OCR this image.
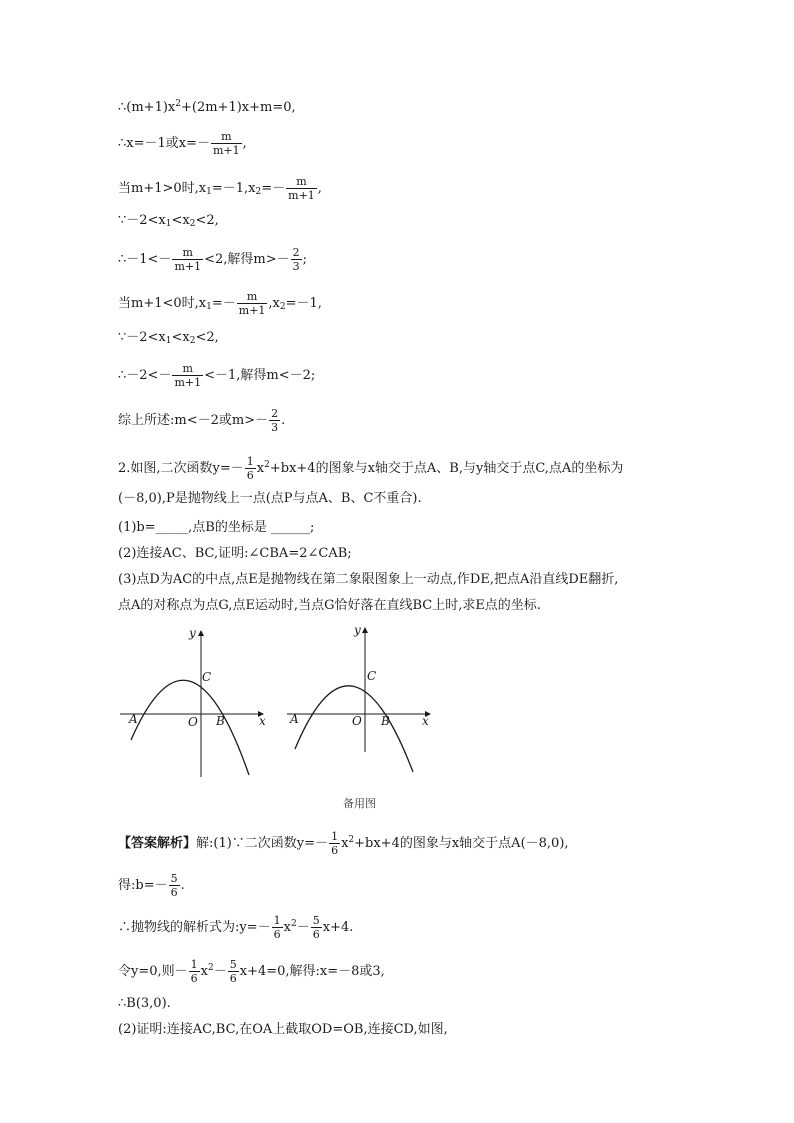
$\therefore(m+1)x^2+(2m+1)x+m=0$,
∴x=－1或$x=- \frac{m}{m+1}$ ,
当m+1>0时$,x_1=-1,x_2=- \frac{m}{m+1}$ ,
$\because-2<x_1<x_2<2$,
∴－1<－ $\frac{m}{m+1} <2$,解得$m>- \frac{2}{3}$ ;
当m+1<0时$,x_1=- \frac{m}{m+1} ,x_2=-1$,
$\because-2<x_1<x_2<2$,
∴－2<－ $\frac{m}{m+1} <-1$,解得m<－2;
综上所述:m<－2或$m>- \frac{2}{3}$ .
2.如图,二次函数$y=- \frac{1}{6} x^2+bx+4$的图象与x轴交于点A、B,与y轴交于点C,点A的坐标为
(－8,0),P是抛物线上一点(点P与点A、B、C不重合).
(1)b=_____,点B的坐标是 ______;
(2)连接AC、BC,证明:∠CBA=2∠CAB;
(3)点D为AC的中点,点E是抛物线在第二象限图象上一动点,作DE,把点A沿直线DE翻折,
点A的对称点为点G,点E运动时,当点G恰好落在直线BC上时,求E点的坐标.
y
x
A	B
C
O
y
x
A	B
C
O
备用图
【答案解析】解:(1)∵二次函数$y=- \frac{1}{6} x^2+bx+4$的图象与x轴交于点A(－8,0),
得:b=－ $\frac{5}{6}$ .
∴抛物线的解析式为:y=－ $\frac{1}{6} x^2- \frac{5}{6} x+4$.
令y=0,则－ $\frac{1}{6} x^2- \frac{5}{6} x+4=0$,解得:x=－8或3,
∴B(3,0).
(2)证明:连接AC,BC,在OA上截取OD=OB,连接CD,如图,
